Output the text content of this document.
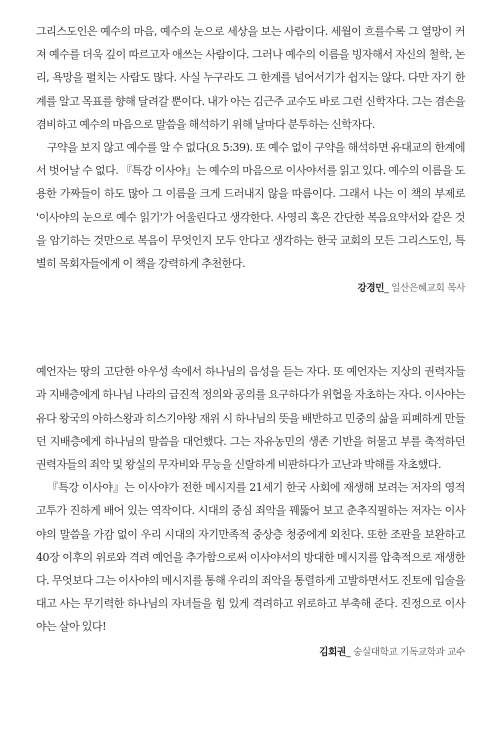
그리스도인은 예수의 마음, 예수의 눈으로 세상을 보는 사람이다. 세월이 흐를수록 그 열망이 커져 예수를 더욱 깊이 따르고자 애쓰는 사람이다. 그러나 예수의 이름을 빙자해서 자신의 철학, 논리, 욕망을 펼치는 사람도 많다. 사실 누구라도 그 한계를 넘어서기가 쉽지는 않다. 다만 자기 한계를 알고 목표를 향해 달려갈 뿐이다. 내가 아는 김근주 교수도 바로 그런 신학자다. 그는 겸손을 겸비하고 예수의 마음으로 말씀을 해석하기 위해 날마다 분투하는 신학자다.

구약을 보지 않고 예수를 알 수 없다(요 5:39). 또 예수 없이 구약을 해석하면 유대교의 한계에서 벗어날 수 없다. 『특강 이사야』는 예수의 마음으로 이사야서를 읽고 있다. 예수의 이름을 도용한 가짜들이 하도 많아 그 이름을 크게 드러내지 않을 따름이다. 그래서 나는 이 책의 부제로 '이사야의 눈으로 예수 읽기'가 어울린다고 생각한다. 사영리 혹은 간단한 복음요약서와 같은 것을 암기하는 것만으로 복음이 무엇인지 모두 안다고 생각하는 한국 교회의 모든 그리스도인, 특별히 목회자들에게 이 책을 강력하게 추천한다.

강경민_ 일산은혜교회 목사

예언자는 땅의 고단한 아우성 속에서 하나님의 음성을 듣는 자다. 또 예언자는 지상의 권력자들과 지배층에게 하나님 나라의 급진적 정의와 공의를 요구하다가 위협을 자초하는 자다. 이사야는 유다 왕국의 아하스왕과 히스기야왕 재위 시 하나님의 뜻을 배반하고 민중의 삶을 피폐하게 만들던 지배층에게 하나님의 말씀을 대언했다. 그는 자유농민의 생존 기반을 허물고 부를 축적하던 권력자들의 죄악 및 왕실의 무자비와 무능을 신랄하게 비판하다가 고난과 박해를 자초했다.

『특강 이사야』는 이사야가 전한 메시지를 21세기 한국 사회에 재생해 보려는 저자의 영적 고투가 진하게 배어 있는 역작이다. 시대의 중심 죄악을 꿰뚫어 보고 춘추직필하는 저자는 이사야의 말씀을 가감 없이 우리 시대의 자기만족적 중상층 청중에게 외친다. 또한 조판을 보완하고 40장 이후의 위로와 격려 예언을 추가함으로써 이사야서의 방대한 메시지를 압축적으로 재생한다. 무엇보다 그는 이사야의 메시지를 통해 우리의 죄악을 통렬하게 고발하면서도 진토에 입술을 대고 사는 무기력한 하나님의 자녀들을 힘 있게 격려하고 위로하고 부축해 준다. 진정으로 이사야는 살아 있다!

김회권_ 숭실대학교 기독교학과 교수
